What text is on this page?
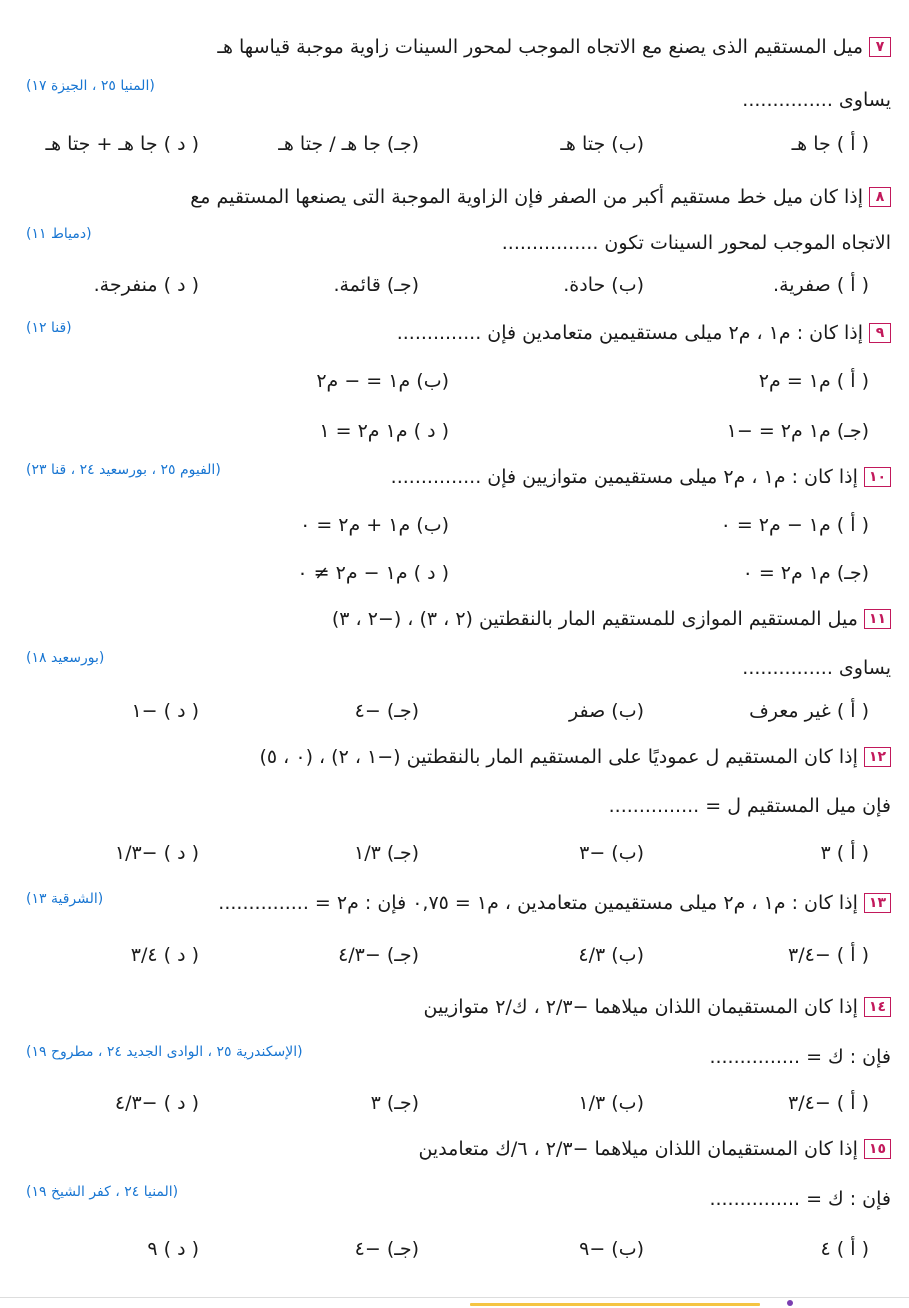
٧ميل المستقيم الذى يصنع مع الاتجاه الموجب لمحور السينات زاوية موجبة قياسها هـ
(المنيا ٢٥ ، الجيزة ١٧)
يساوى ...............
( أ ) جا هـ
(ب) جتا هـ
(جـ) جا هـ / جتا هـ
( د ) جا هـ + جتا هـ
٨إذا كان ميل خط مستقيم أكبر من الصفر فإن الزاوية الموجبة التى يصنعها المستقيم مع
(دمياط ١١)	الاتجاه الموجب لمحور السينات تكون ................
( أ ) صفرية.
(ب) حادة.
(جـ) قائمة.
( د ) منفرجة.
٩إذا كان : م١ ، م٢ ميلى مستقيمين متعامدين فإن ..............
(قنا ١٢)
( أ ) م١ = م٢
(ب) م١ = − م٢
(جـ) م١ م٢ = −١
( د ) م١ م٢ = ١
١٠إذا كان : م١ ، م٢ ميلى مستقيمين متوازيين فإن ...............
(الفيوم ٢٥ ، بورسعيد ٢٤ ، قنا ٢٣)
( أ ) م١ − م٢ = ٠
(ب) م١ + م٢ = ٠
(جـ) م١ م٢ = ٠
( د ) م١ − م٢ ≠ ٠
١١ميل المستقيم الموازى للمستقيم المار بالنقطتين (٢ ، ٣) ، (−٢ ، ٣)
(بورسعيد ١٨)	يساوى ...............
( أ ) غير معرف
(ب) صفر
(جـ) −٤
( د ) −١
١٢إذا كان المستقيم ل عموديًا على المستقيم المار بالنقطتين (−١ ، ٢) ، (٠ ، ٥)
فإن ميل المستقيم ل = ...............
( أ ) ٣
(ب) −٣
(جـ) ١/٣
( د ) −١/٣
١٣إذا كان : م١ ، م٢ ميلى مستقيمين متعامدين ، م١ = ٠,٧٥ فإن : م٢ = ...............
(الشرقية ١٣)
( أ ) −٣/٤
(ب) ٤/٣
(جـ) −٤/٣
( د ) ٣/٤
١٤إذا كان المستقيمان اللذان ميلاهما −٢/٣ ، ك/٢ متوازيين
(الإسكندرية ٢٥ ، الوادى الجديد ٢٤ ، مطروح ١٩)	فإن : ك = ...............
( أ ) −٣/٤
(ب) ١/٣
(جـ) ٣
( د ) −٤/٣
١٥إذا كان المستقيمان اللذان ميلاهما −٢/٣ ، ٦/ك متعامدين
(المنيا ٢٤ ، كفر الشيخ ١٩)	فإن : ك = ...............
( أ ) ٤
(ب) −٩
(جـ) −٤
( د ) ٩
